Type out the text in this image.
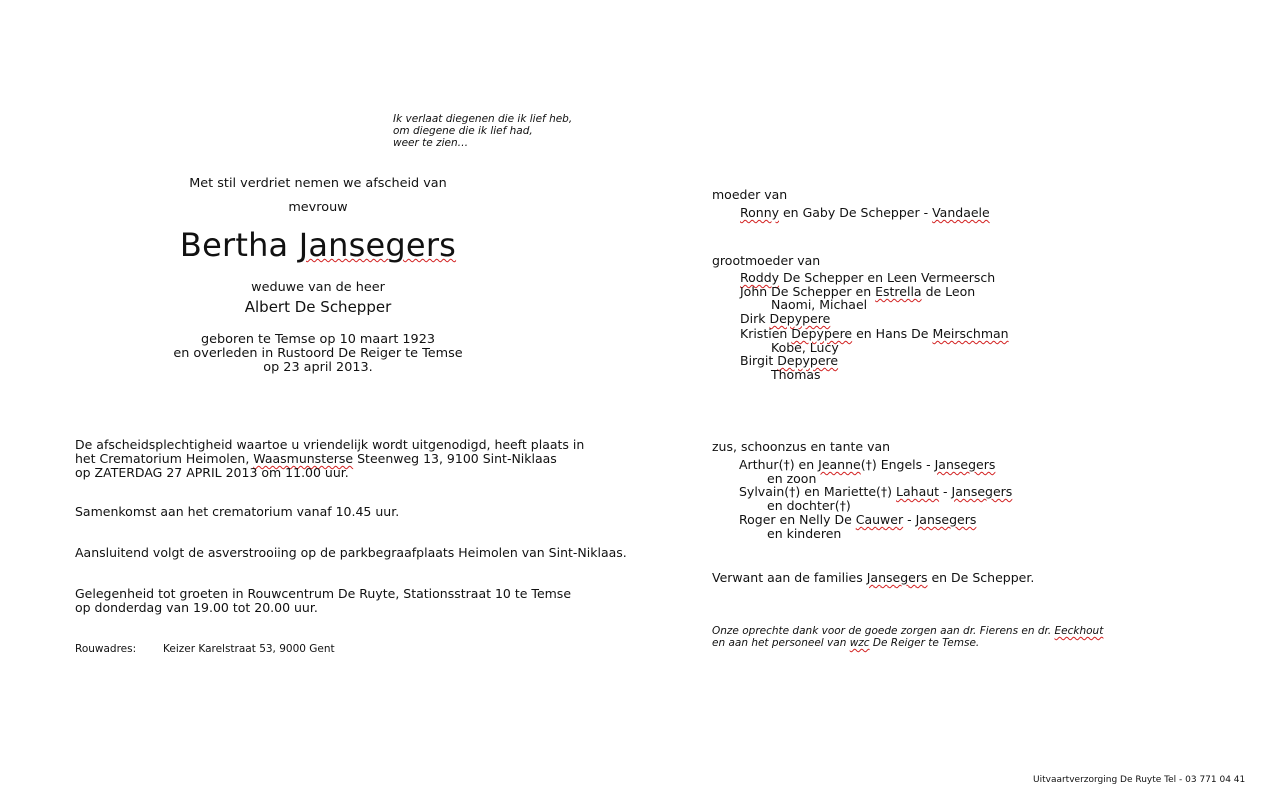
Ik verlaat diegenen die ik lief heb,
om diegene die ik lief had,
weer te zien…
Met stil verdriet nemen we afscheid van
mevrouw
Bertha Jansegers
weduwe van de heer
Albert De Schepper
geboren te Temse op 10 maart 1923
en overleden in Rustoord De Reiger te Temse
op 23 april 2013.
De afscheidsplechtigheid waartoe u vriendelijk wordt uitgenodigd, heeft plaats in
het Crematorium Heimolen, Waasmunsterse Steenweg 13, 9100 Sint-Niklaas
op ZATERDAG 27 APRIL 2013 om 11.00 uur.
Samenkomst aan het crematorium vanaf 10.45 uur.
Aansluitend volgt de asverstrooiing op de parkbegraafplaats Heimolen van Sint-Niklaas.
Gelegenheid tot groeten in Rouwcentrum De Ruyte, Stationsstraat 10 te Temse
op donderdag van 19.00 tot 20.00 uur.
Rouwadres:	Keizer Karelstraat 53, 9000 Gent
moeder van
Ronny en Gaby De Schepper - Vandaele
grootmoeder van
Roddy De Schepper en Leen Vermeersch
John De Schepper en Estrella de Leon
Naomi, Michael
Dirk Depypere
Kristien Depypere en Hans De Meirschman
Kobe, Lucy
Birgit Depypere
Thomas
zus, schoonzus en tante van
Arthur(†) en Jeanne(†) Engels - Jansegers
en zoon
Sylvain(†) en Mariette(†) Lahaut - Jansegers
en dochter(†)
Roger en Nelly De Cauwer - Jansegers
en kinderen
Verwant aan de families Jansegers en De Schepper.
Onze oprechte dank voor de goede zorgen aan dr. Fierens en dr. Eeckhout
en aan het personeel van wzc De Reiger te Temse.
Uitvaartverzorging De Ruyte Tel - 03 771 04 41
